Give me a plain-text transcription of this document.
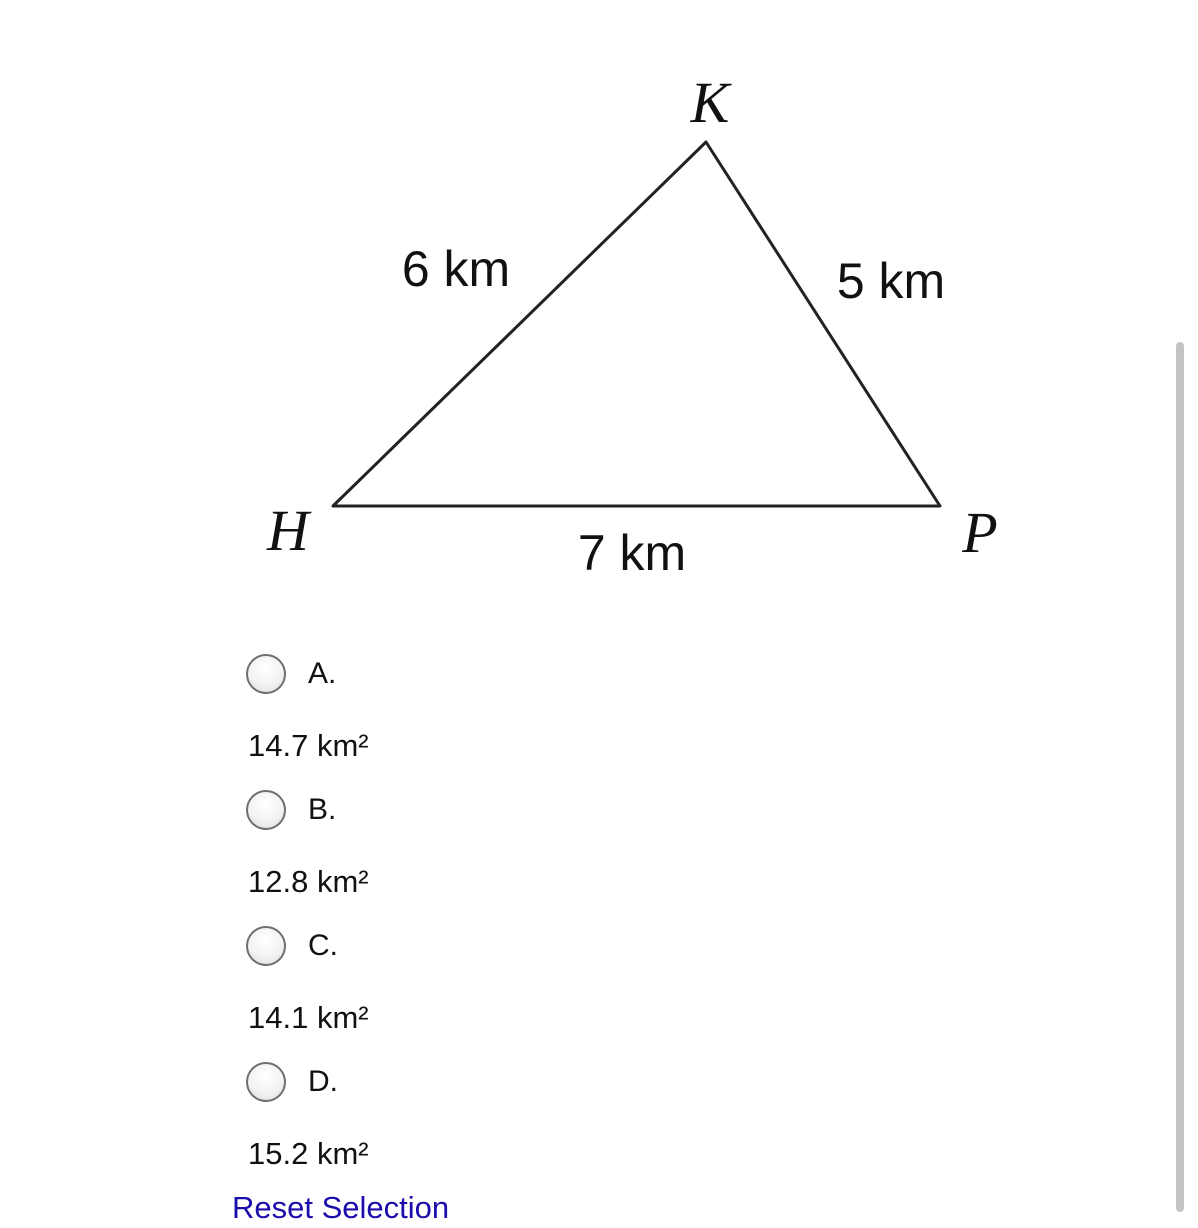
K
H	P
6 km	5 km
7 km
A.
14.7 km²
B.
12.8 km²
C.
14.1 km²
D.
15.2 km²
Reset Selection
